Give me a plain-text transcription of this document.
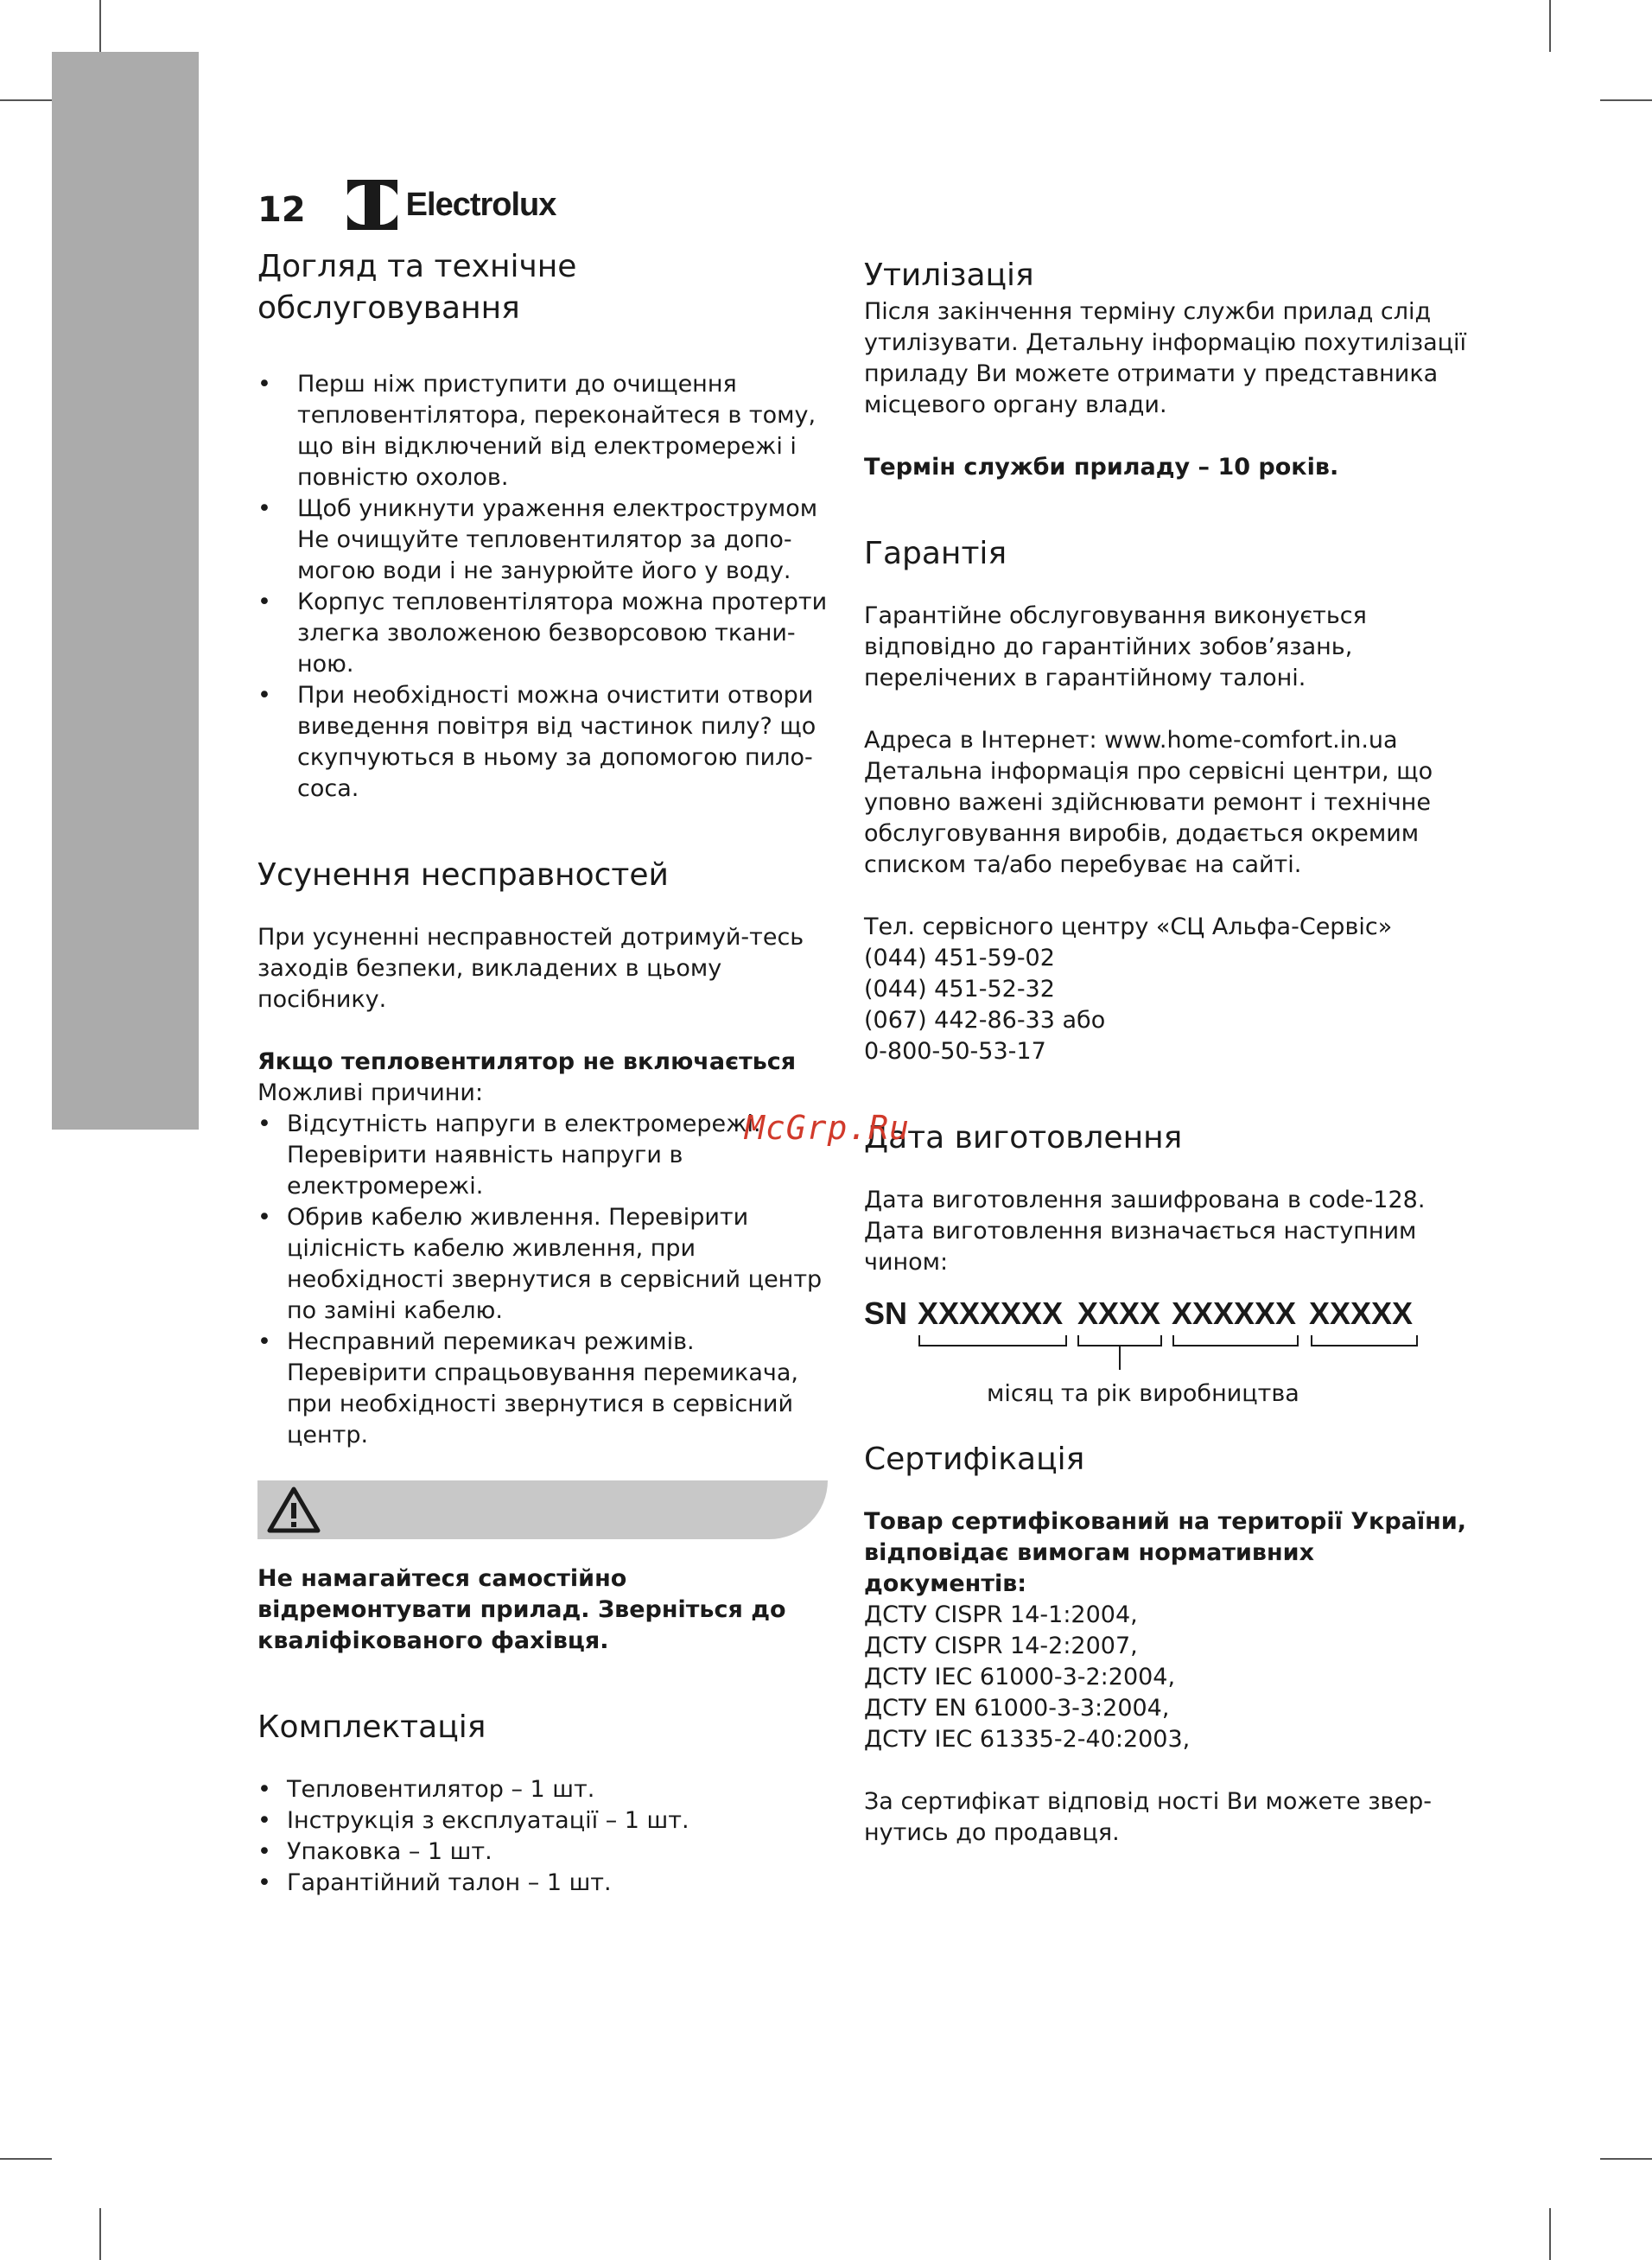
12	Electrolux
Догляд та технічне
обслуговування
• Перш ніж приступити до очищення тепловентілятора, переконайтеся в тому, що він відключений від електромережі і повністю охолов.
• Щоб уникнути ураження електрострумом Не очищуйте тепловентилятор за допо-могою води і не занурюйте його у воду.
• Корпус тепловентілятора можна протерти злегка зволоженою безворсовою ткани-ною.
• При необхідності можна очистити отвори виведення повітря від частинок пилу? що скупчуються в ньому за допомогою пило-соса.
Усунення несправностей

При усуненні несправностей дотримуй-тесь заходів безпеки, викладених в цьому посібнику.

Якщо тепловентилятор не включається

Можливі причини:

• Відсутність напруги в електромережі. Перевірити наявність напруги в електромережі.
• Обрив кабелю живлення. Перевірити цілісність кабелю живлення, при необхідності звернутися в сервісний центр по заміні кабелю.
• Несправний перемикач режимів. Перевірити спрацьовування перемикача, при необхідності звернутися в сервісний центр.

Не намагайтеся самостійно відремонтувати прилад. Зверніться до кваліфікованого фахівця.

Комплектація
• Тепловентилятор – 1 шт.
• Інструкція з експлуатації – 1 шт.
• Упаковка – 1 шт.
• Гарантійний талон – 1 шт.
Утилізація

Після закінчення терміну служби прилад слід утилізувати. Детальну інформацію похутилізації приладу Ви можете отримати у представника місцевого органу влади.

Термін служби приладу – 10 років.

Гарантія

Гарантійне обслуговування виконується відповідно до гарантійних зобов’язань, перелічених в гарантійному талоні.

Адреса в Інтернет: www.home-comfort.in.ua

Детальна інформація про сервісні центри, що уповно важені здійснювати ремонт і технічне обслуговування виробів, додається окремим списком та/або перебуває на сайті.

Тел. сервісного центру «СЦ Альфа-Сервіс»

(044) 451-59-02

(044) 451-52-32

(067) 442-86-33 або

0-800-50-53-17

Дата виготовлення

Дата виготовлення зашифрована в code-128. Дата виготовлення визначається наступним чином:

SN XXXXXXX XXXX XXXXXX XXXXX
місяц та рік виробництва
Сертифікація

Товар сертифікований на території України, відповідає вимогам нормативних документів:

ДСТУ CISPR 14-1:2004,

ДСТУ CISPR 14-2:2007,

ДСТУ IEC 61000-3-2:2004,

ДСТУ EN 61000-3-3:2004,

ДСТУ IEC 61335-2-40:2003,

За сертифікат відповід ності Ви можете звер-нутись до продавця.

McGrp.Ru
